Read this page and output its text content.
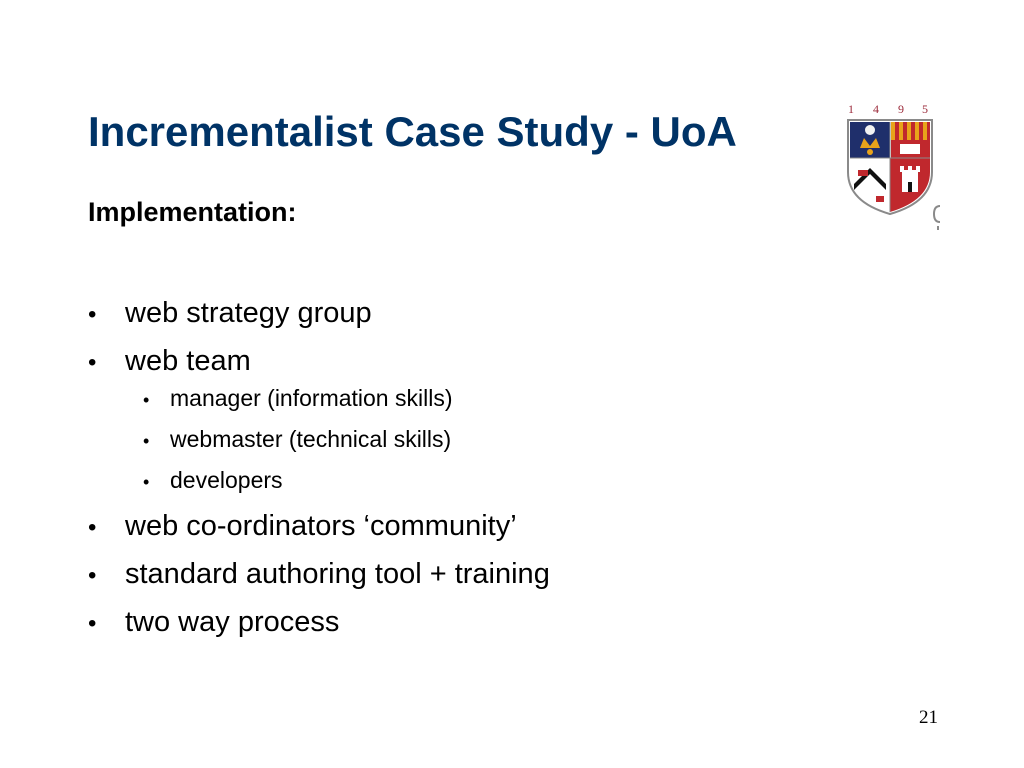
Incrementalist Case Study - UoA
Implementation:
• web strategy group
• web team
• manager (information skills)
• webmaster (technical skills)
• developers
• web co-ordinators ‘community’
• standard authoring tool + training
• two way process
21
1 4 9 5
